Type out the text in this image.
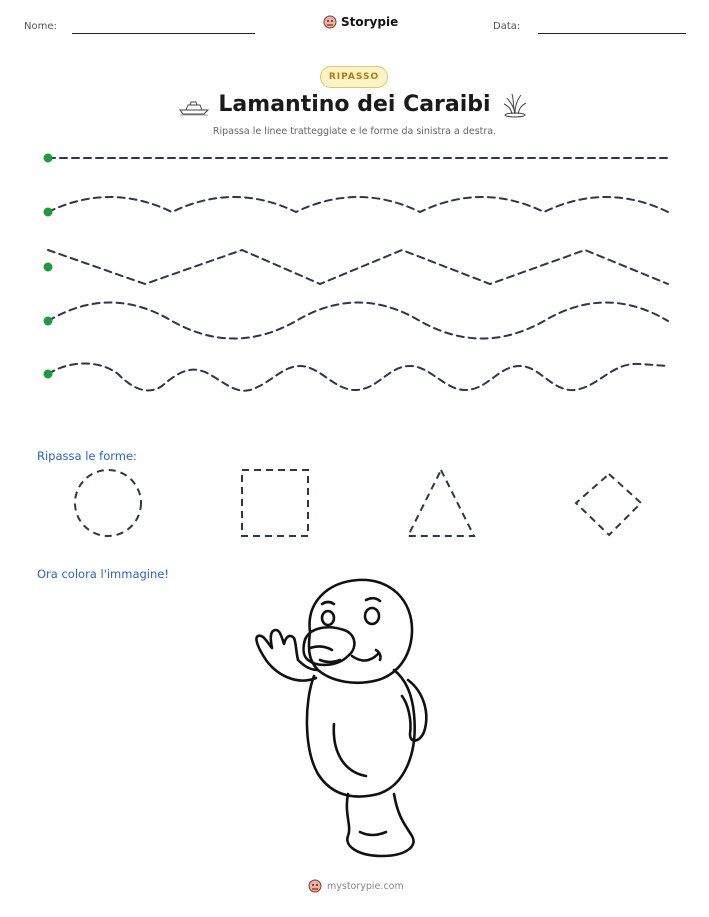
Nome:	Storypie	Data:
RIPASSO
Lamantino dei Caraibi
Ripassa le linee tratteggiate e le forme da sinistra a destra.
Ripassa le forme:
Ora colora l'immagine!
mystorypie.com
